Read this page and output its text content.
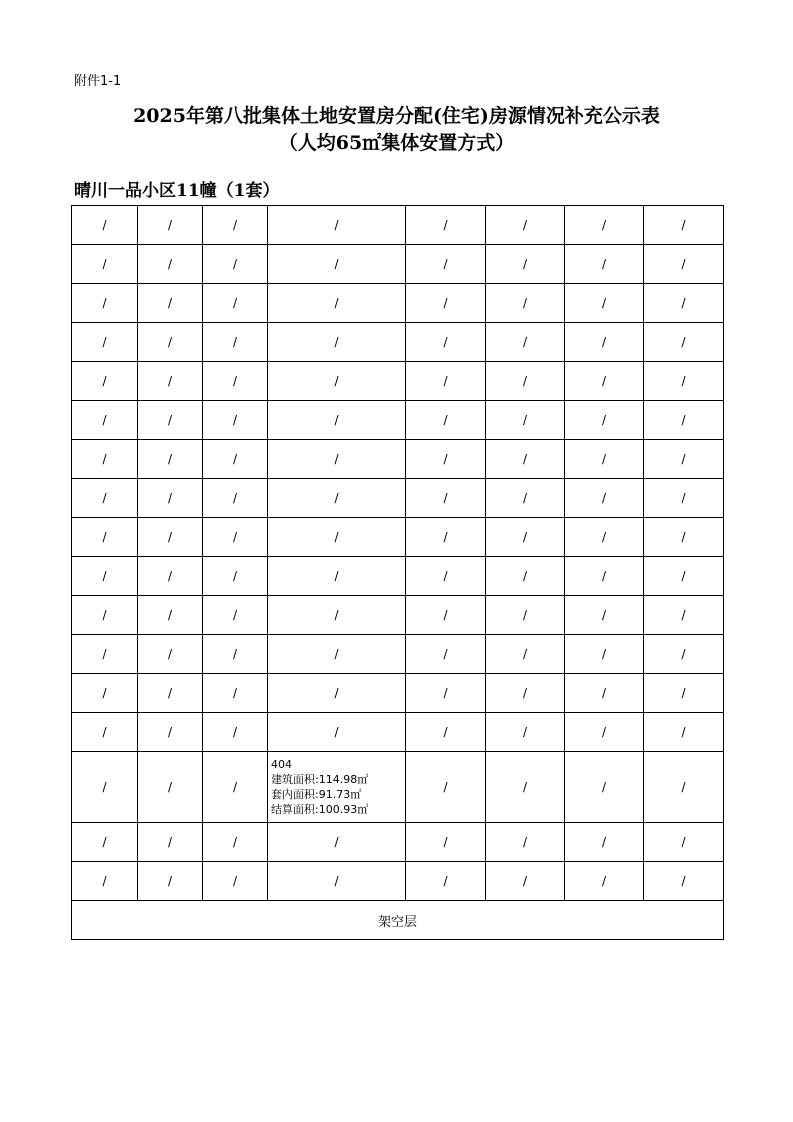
附件1-1
2025年第八批集体土地安置房分配(住宅)房源情况补充公示表
（人均65㎡集体安置方式）
晴川一品小区11幢（1套）
/	/	/	/	/	/	/	/
/	/	/	/	/	/	/	/
/	/	/	/	/	/	/	/
/	/	/	/	/	/	/	/
/	/	/	/	/	/	/	/
/	/	/	/	/	/	/	/
/	/	/	/	/	/	/	/
/	/	/	/	/	/	/	/
/	/	/	/	/	/	/	/
/	/	/	/	/	/	/	/
/	/	/	/	/	/	/	/
/	/	/	/	/	/	/	/
/	/	/	/	/	/	/	/
/	/	/	/	/	/	/	/
/	/	/	404
建筑面积:114.98㎡
套内面积:91.73㎡
结算面积:100.93㎡	/	/	/	/
/	/	/	/	/	/	/	/
/	/	/	/	/	/	/	/
架空层							
